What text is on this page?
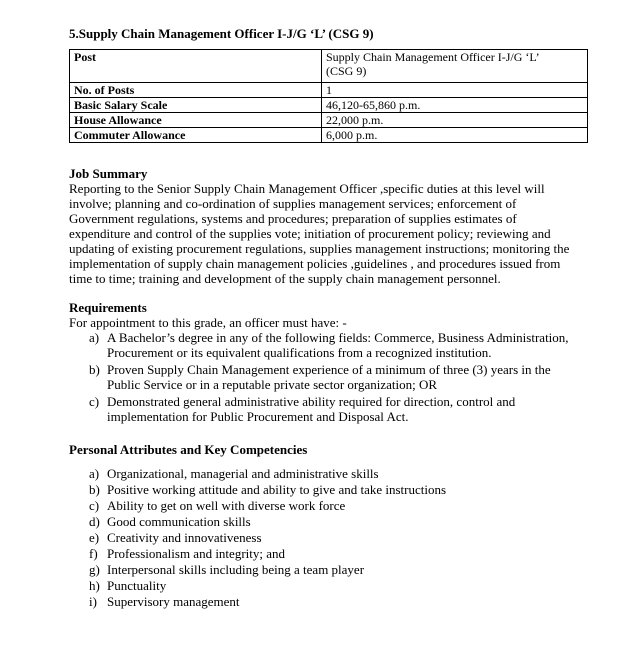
5.Supply Chain Management Officer I-J/G ‘L’ (CSG 9)
Post	Supply Chain Management Officer I-J/G ‘L’
(CSG 9)

No. of Posts	1
Basic Salary Scale	46,120-65,860 p.m.
House Allowance	22,000 p.m.
Commuter Allowance	6,000 p.m.
Job Summary
Reporting to the Senior Supply Chain Management Officer ,specific duties at this level will
involve; planning and co-ordination of supplies management services; enforcement of
Government regulations, systems and procedures; preparation of supplies estimates of
expenditure and control of the supplies vote; initiation of procurement policy; reviewing and
updating of existing procurement regulations, supplies management instructions; monitoring the
implementation of supply chain management policies ,guidelines , and procedures issued from
time to time; training and development of the supply chain management personnel.
Requirements
For appointment to this grade, an officer must have: -
a) A Bachelor’s degree in any of the following fields: Commerce, Business Administration,
Procurement or its equivalent qualifications from a recognized institution.
b) Proven Supply Chain Management experience of a minimum of three (3) years in the
Public Service or in a reputable private sector organization; OR
c) Demonstrated general administrative ability required for direction, control and
implementation for Public Procurement and Disposal Act.
Personal Attributes and Key Competencies
a) Organizational, managerial and administrative skills
b) Positive working attitude and ability to give and take instructions
c) Ability to get on well with diverse work force
d) Good communication skills
e) Creativity and innovativeness
f) Professionalism and integrity; and
g) Interpersonal skills including being a team player
h) Punctuality
i) Supervisory management
